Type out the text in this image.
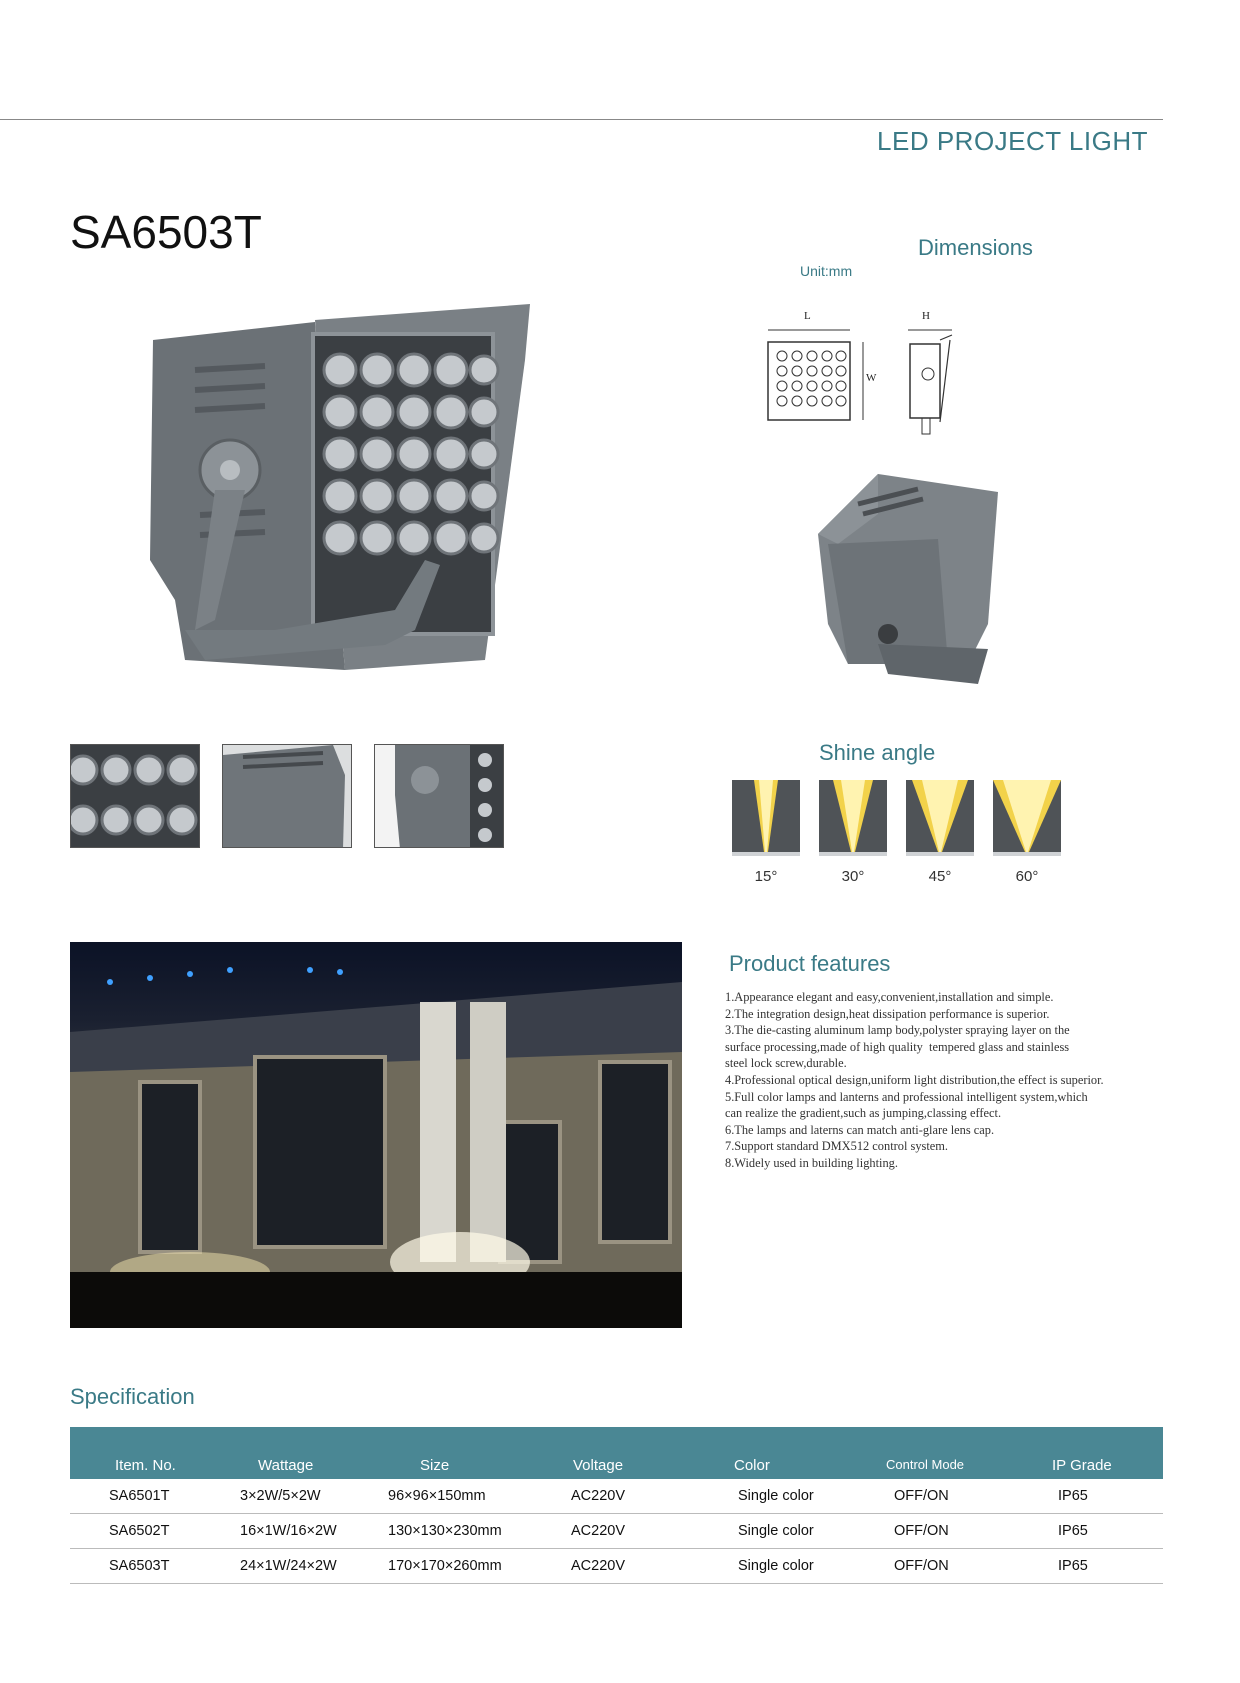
LED PROJECT LIGHT
SA6503T	Dimensions
Unit:mm
L
W
H
Shine angle
15°	30°	45°	60°
Product features
1.Appearance elegant and easy,convenient,installation and simple.
2.The integration design,heat dissipation performance is superior.
3.The die-casting aluminum lamp body,polyster spraying layer on the
surface processing,made of high quality  tempered glass and stainless
steel lock screw,durable.
4.Professional optical design,uniform light distribution,the effect is superior.
5.Full color lamps and lanterns and professional intelligent system,which
can realize the gradient,such as jumping,classing effect.
6.The lamps and laterns can match anti-glare lens cap.
7.Support standard DMX512 control system.
8.Widely used in building lighting.
Specification
Item. No.	Wattage	Size	Voltage	Color	Control Mode	IP Grade
SA6501T	3×2W/5×2W	96×96×150mm	AC220V	Single color	OFF/ON	IP65
SA6502T	16×1W/16×2W	130×130×230mm	AC220V	Single color	OFF/ON	IP65
SA6503T	24×1W/24×2W	170×170×260mm	AC220V	Single color	OFF/ON	IP65
